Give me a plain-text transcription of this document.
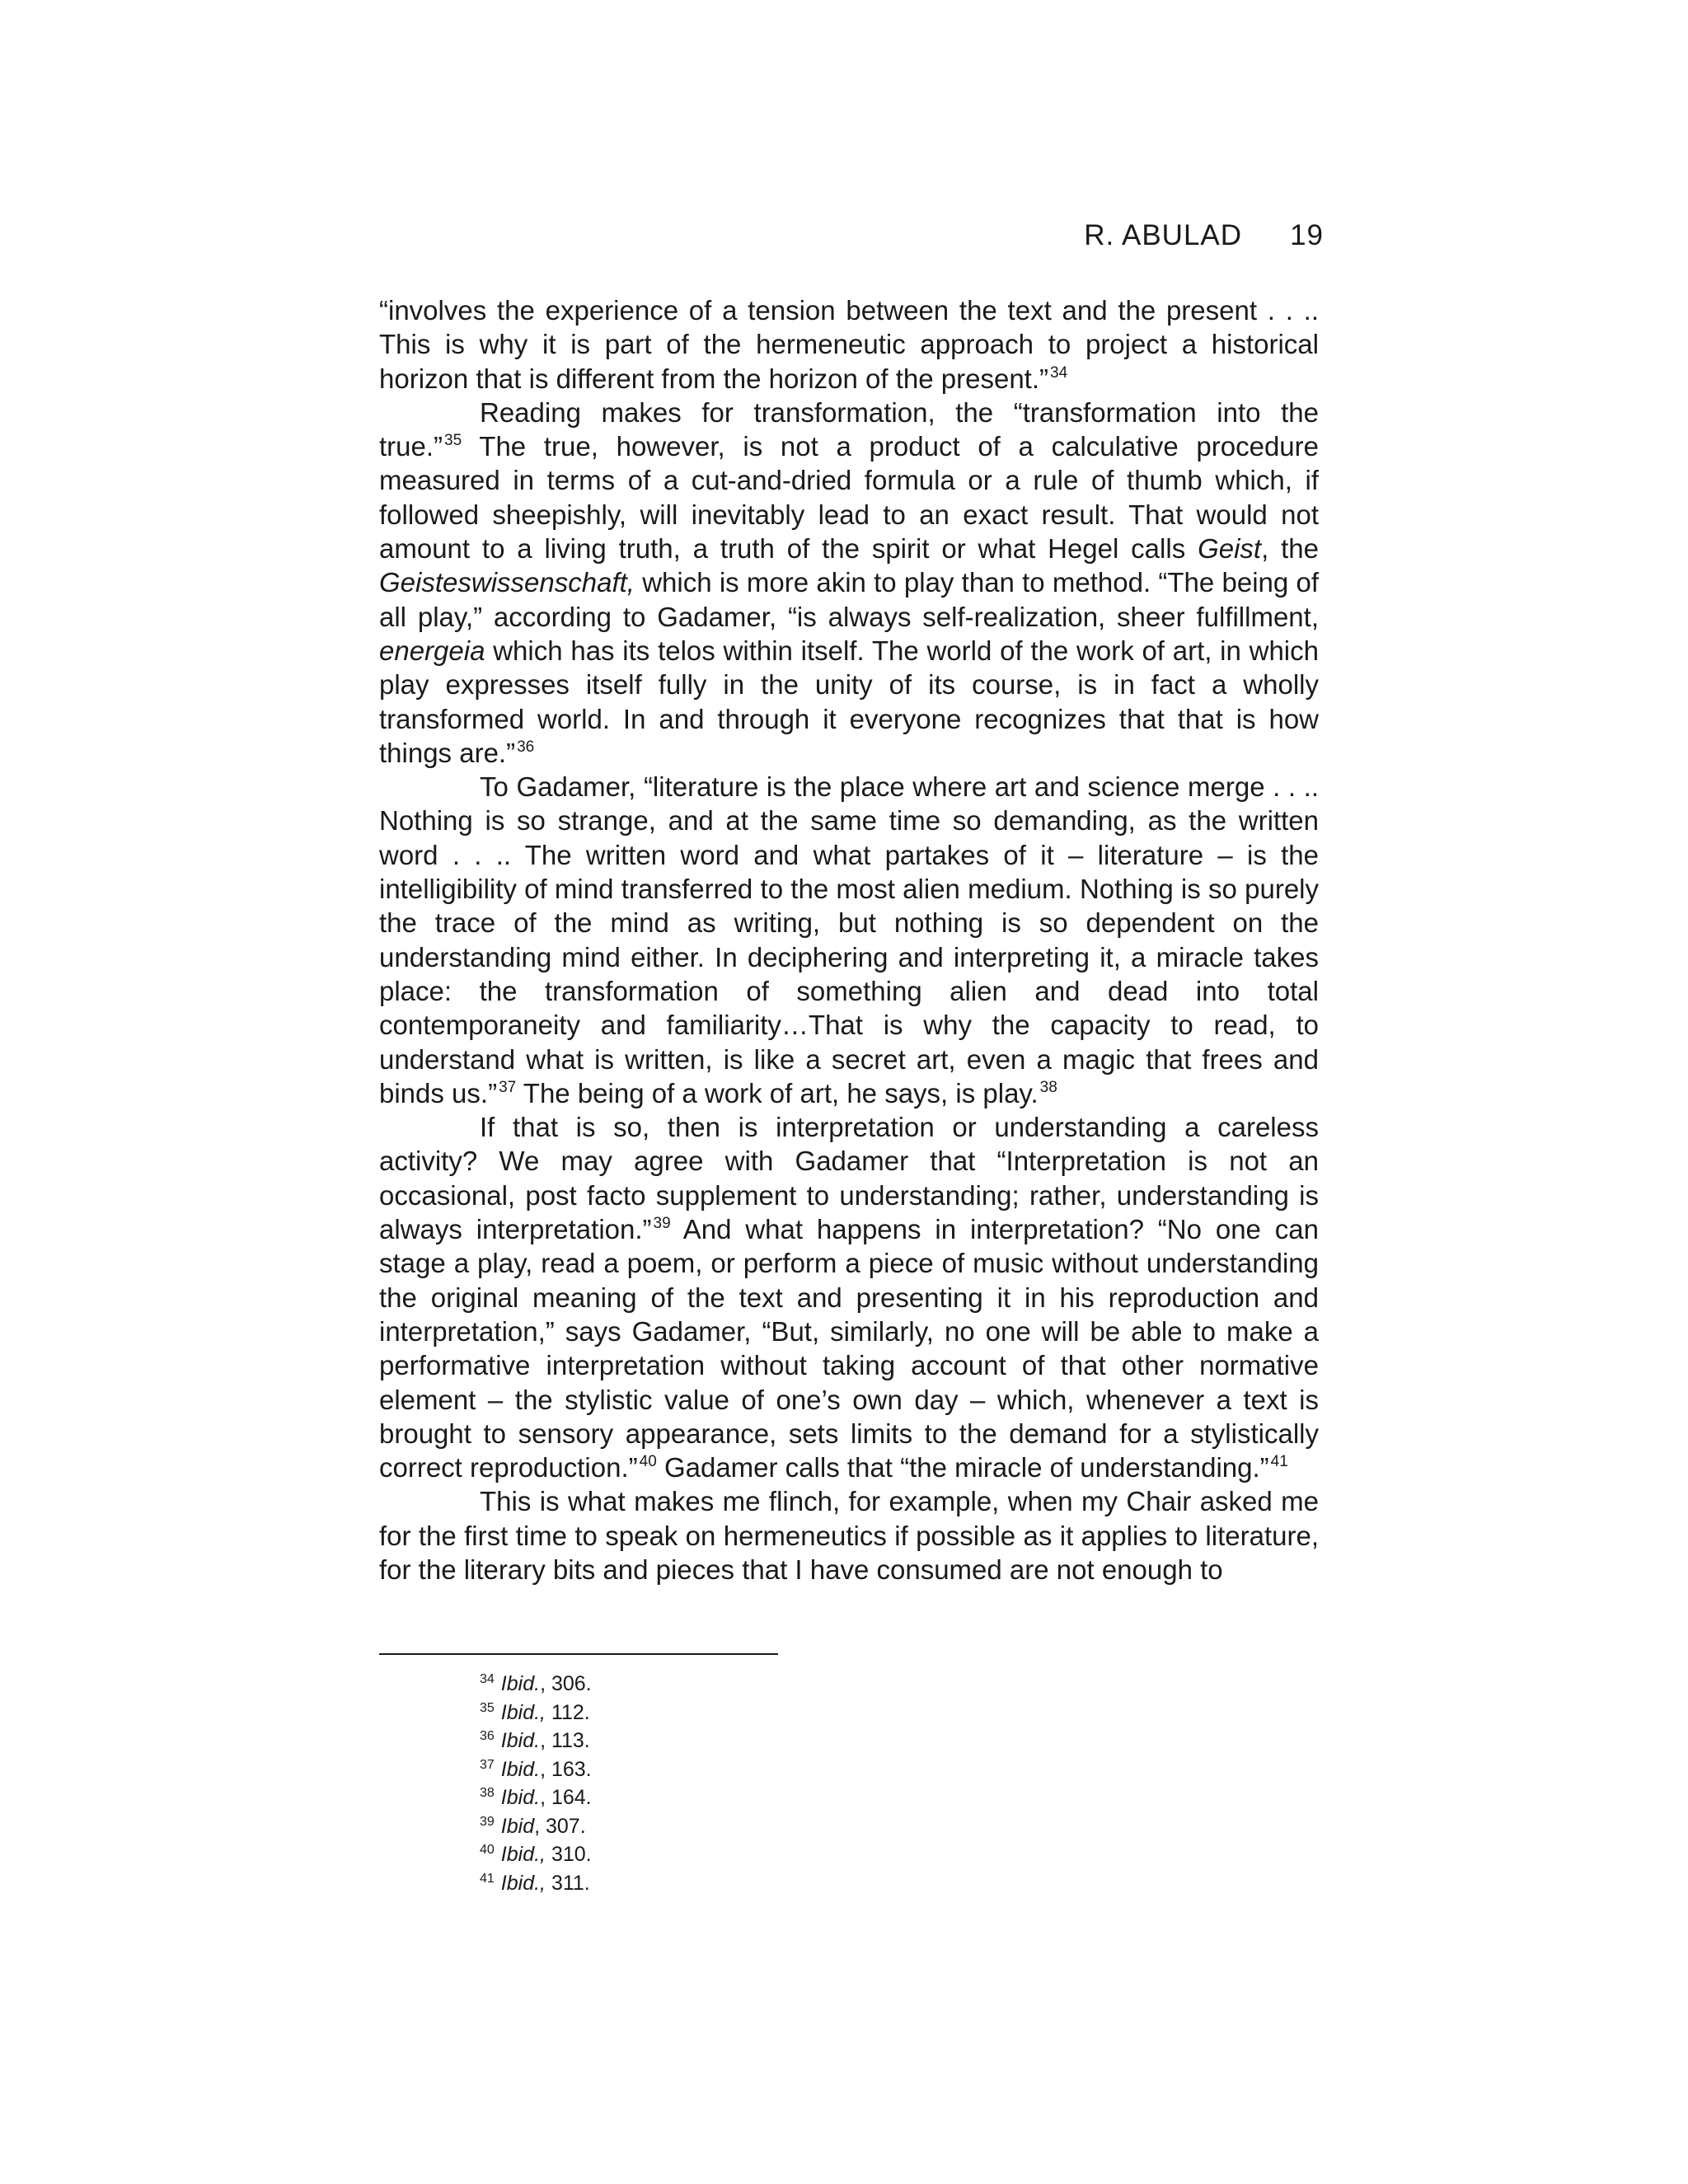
R. ABULAD 19

“involves the experience of a tension between the text and the present . . .. This is why it is part of the hermeneutic approach to project a historical horizon that is different from the horizon of the present.” $^{34}$

Reading makes for transformation, the “transformation into the true.” $^{35}$ The true, however, is not a product of a calculative procedure measured in terms of a cut-and-dried formula or a rule of thumb which, if followed sheepishly, will inevitably lead to an exact result. That would not amount to a living truth, a truth of the spirit or what Hegel calls Geist, the Geisteswissenschaft, which is more akin to play than to method. “The being of all play,” according to Gadamer, “is always self-realization, sheer fulfillment, energeia which has its telos within itself. The world of the work of art, in which play expresses itself fully in the unity of its course, is in fact a wholly transformed world. In and through it everyone recognizes that that is how things are.” $^{36}$

To Gadamer, “literature is the place where art and science merge . . .. Nothing is so strange, and at the same time so demanding, as the written word . . .. The written word and what partakes of it – literature – is the intelligibility of mind transferred to the most alien medium. Nothing is so purely the trace of the mind as writing, but nothing is so dependent on the understanding mind either. In deciphering and interpreting it, a miracle takes place: the transformation of something alien and dead into total contemporaneity and familiarity…That is why the capacity to read, to understand what is written, is like a secret art, even a magic that frees and binds us.” $^{37}$ The being of a work of art, he says, is play. $^{38}$

If that is so, then is interpretation or understanding a careless activity? We may agree with Gadamer that “Interpretation is not an occasional, post facto supplement to understanding; rather, understanding is always interpretation.” $^{39}$ And what happens in interpretation? “No one can stage a play, read a poem, or perform a piece of music without understanding the original meaning of the text and presenting it in his reproduction and interpretation,” says Gadamer, “But, similarly, no one will be able to make a performative interpretation without taking account of that other normative element – the stylistic value of one’s own day – which, whenever a text is brought to sensory appearance, sets limits to the demand for a stylistically correct reproduction.” $^{40}$ Gadamer calls that “the miracle of understanding.” $^{41}$

This is what makes me flinch, for example, when my Chair asked me for the first time to speak on hermeneutics if possible as it applies to literature, for the literary bits and pieces that I have consumed are not enough to

$^{34}$ Ibid., 306.
$^{35}$ Ibid., 112.
$^{36}$ Ibid., 113.
$^{37}$ Ibid., 163.
$^{38}$ Ibid., 164.
$^{39}$ Ibid, 307.
$^{40}$ Ibid., 310.
$^{41}$ Ibid., 311.
